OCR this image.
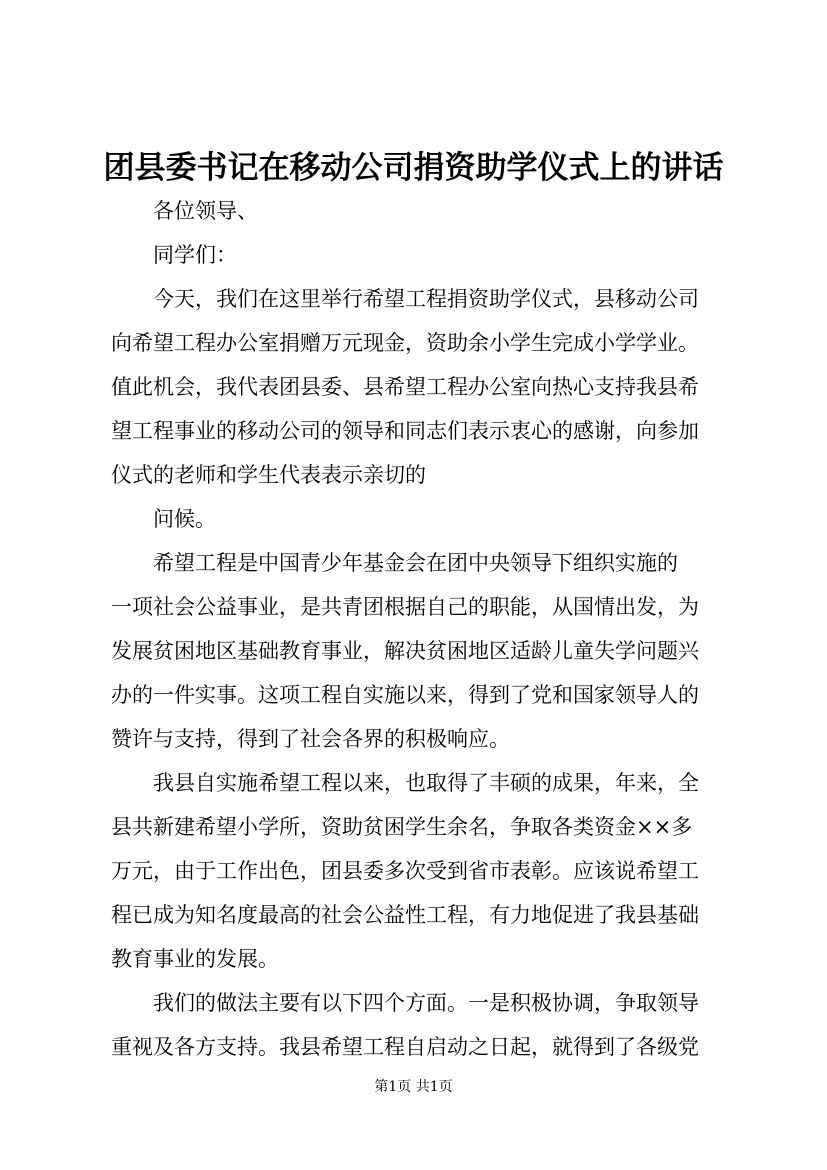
团县委书记在移动公司捐资助学仪式上的讲话

各位领导、

同学们：

今天，我们在这里举行希望工程捐资助学仪式，县移动公司

向希望工程办公室捐赠万元现金，资助余小学生完成小学学业。

值此机会，我代表团县委、县希望工程办公室向热心支持我县希

望工程事业的移动公司的领导和同志们表示衷心的感谢，向参加

仪式的老师和学生代表表示亲切的

问候。

希望工程是中国青少年基金会在团中央领导下组织实施的

一项社会公益事业，是共青团根据自己的职能，从国情出发，为

发展贫困地区基础教育事业，解决贫困地区适龄儿童失学问题兴

办的一件实事。这项工程自实施以来，得到了党和国家领导人的

赞许与支持，得到了社会各界的积极响应。

我县自实施希望工程以来，也取得了丰硕的成果，年来，全

县共新建希望小学所，资助贫困学生余名，争取各类资金××多

万元，由于工作出色，团县委多次受到省市表彰。应该说希望工

程已成为知名度最高的社会公益性工程，有力地促进了我县基础

教育事业的发展。

我们的做法主要有以下四个方面。一是积极协调，争取领导

重视及各方支持。我县希望工程自启动之日起，就得到了各级党

第1页 共1页
